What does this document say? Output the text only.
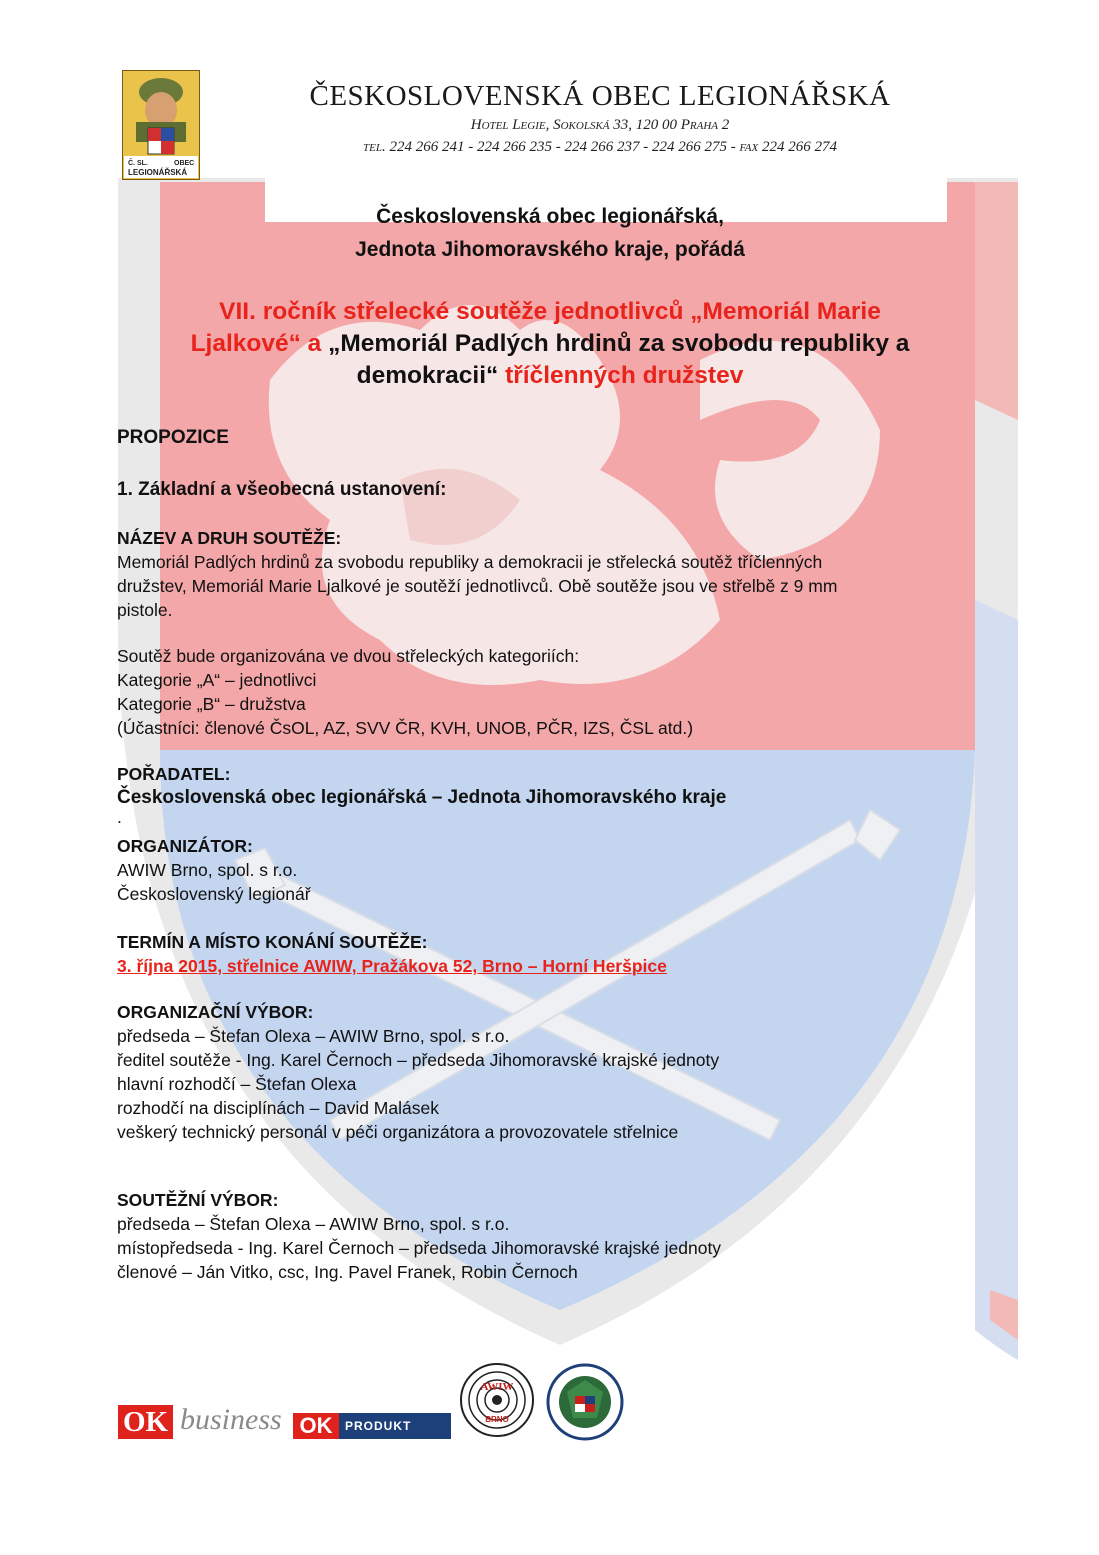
Č. SL.	OBEC
LEGIONÁŘSKÁ
ČESKOSLOVENSKÁ OBEC LEGIONÁŘSKÁ
Hotel Legie, Sokolská 33, 120 00 Praha 2
tel. 224 266 241 - 224 266 235 - 224 266 237 - 224 266 275 - fax 224 266 274
Československá obec legionářská,
Jednota Jihomoravského kraje, pořádá
VII. ročník střelecké soutěže jednotlivců „Memoriál Marie
Ljalkové“ a „Memoriál Padlých hrdinů za svobodu republiky a
demokracii“ tříčlenných družstev
PROPOZICE
1. Základní a všeobecná ustanovení:
NÁZEV A DRUH SOUTĚŽE:
Memoriál Padlých hrdinů za svobodu republiky a demokracii je střelecká soutěž tříčlenných
družstev, Memoriál Marie Ljalkové je soutěží jednotlivců. Obě soutěže jsou ve střelbě z 9 mm
pistole.
Soutěž bude organizována ve dvou střeleckých kategoriích:
Kategorie „A“ – jednotlivci
Kategorie „B“ – družstva
(Účastníci: členové ČsOL, AZ, SVV ČR, KVH, UNOB, PČR, IZS, ČSL atd.)
POŘADATEL:
Československá obec legionářská – Jednota Jihomoravského kraje
.
ORGANIZÁTOR:
AWIW Brno, spol. s r.o.
Československý legionář
TERMÍN A MÍSTO KONÁNÍ SOUTĚŽE:
3. října 2015, střelnice AWIW, Pražákova 52, Brno – Horní Heršpice
ORGANIZAČNÍ VÝBOR:
předseda – Štefan Olexa – AWIW Brno, spol. s r.o.
ředitel soutěže - Ing. Karel Černoch – předseda Jihomoravské krajské jednoty
hlavní rozhodčí – Štefan Olexa
rozhodčí na disciplínách – David Malásek
veškerý technický personál v péči organizátora a provozovatele střelnice
SOUTĚŽNÍ VÝBOR:
předseda – Štefan Olexa – AWIW Brno, spol. s r.o.
místopředseda - Ing. Karel Černoch – předseda Jihomoravské krajské jednoty
členové – Ján Vitko, csc, Ing. Pavel Franek, Robin Černoch
OK business OK	PRODUKT
AWIW
BRNO
